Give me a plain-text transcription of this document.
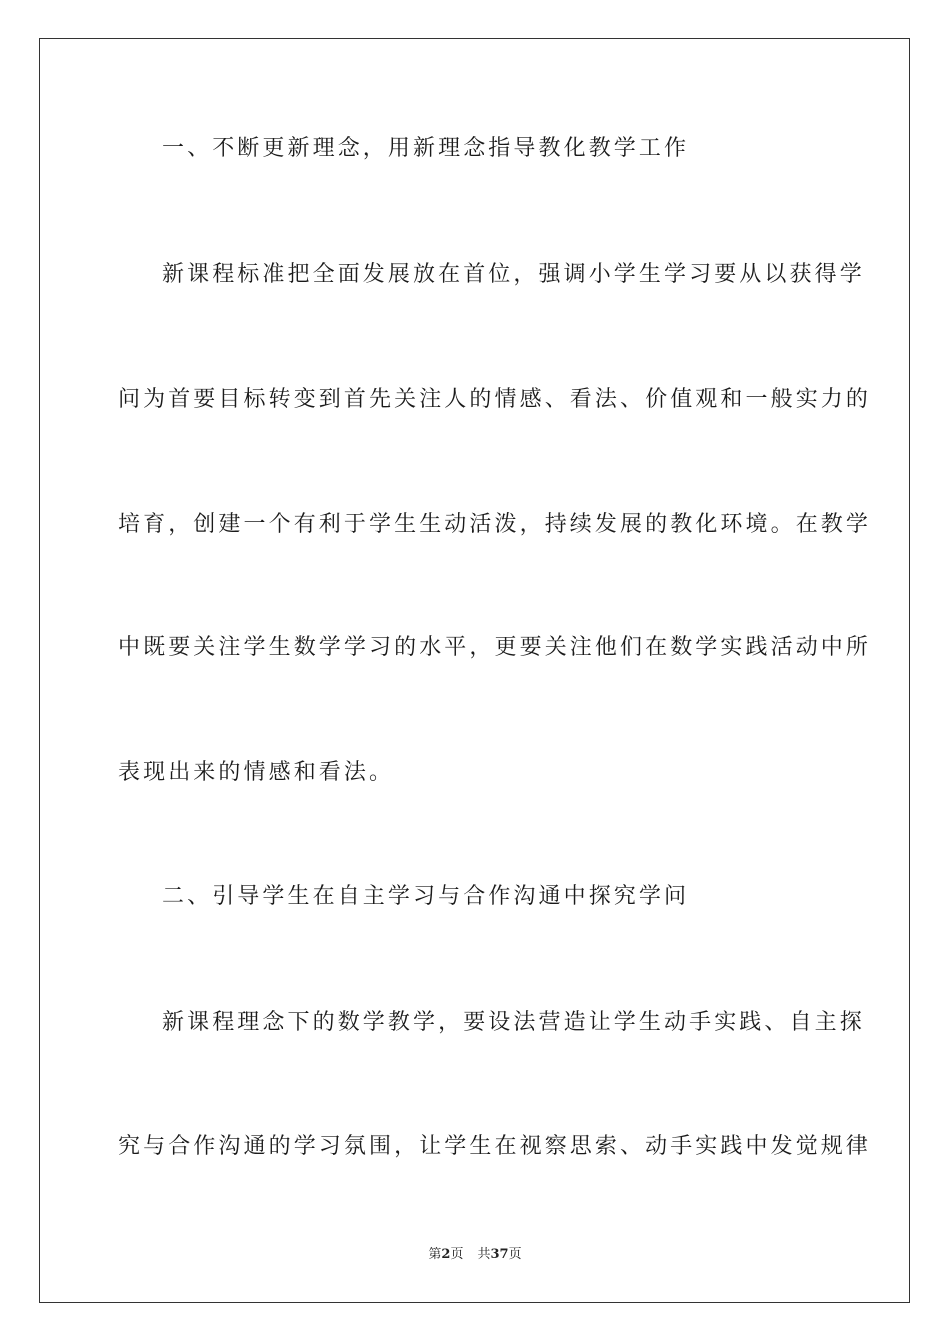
一、不断更新理念，用新理念指导教化教学工作
新课程标准把全面发展放在首位，强调小学生学习要从以获得学
问为首要目标转变到首先关注人的情感、看法、价值观和一般实力的
培育，创建一个有利于学生生动活泼，持续发展的教化环境。在教学
中既要关注学生数学学习的水平，更要关注他们在数学实践活动中所
表现出来的情感和看法。
二、引导学生在自主学习与合作沟通中探究学问
新课程理念下的数学教学，要设法营造让学生动手实践、自主探
究与合作沟通的学习氛围，让学生在视察思索、动手实践中发觉规律
第2页 共37页
